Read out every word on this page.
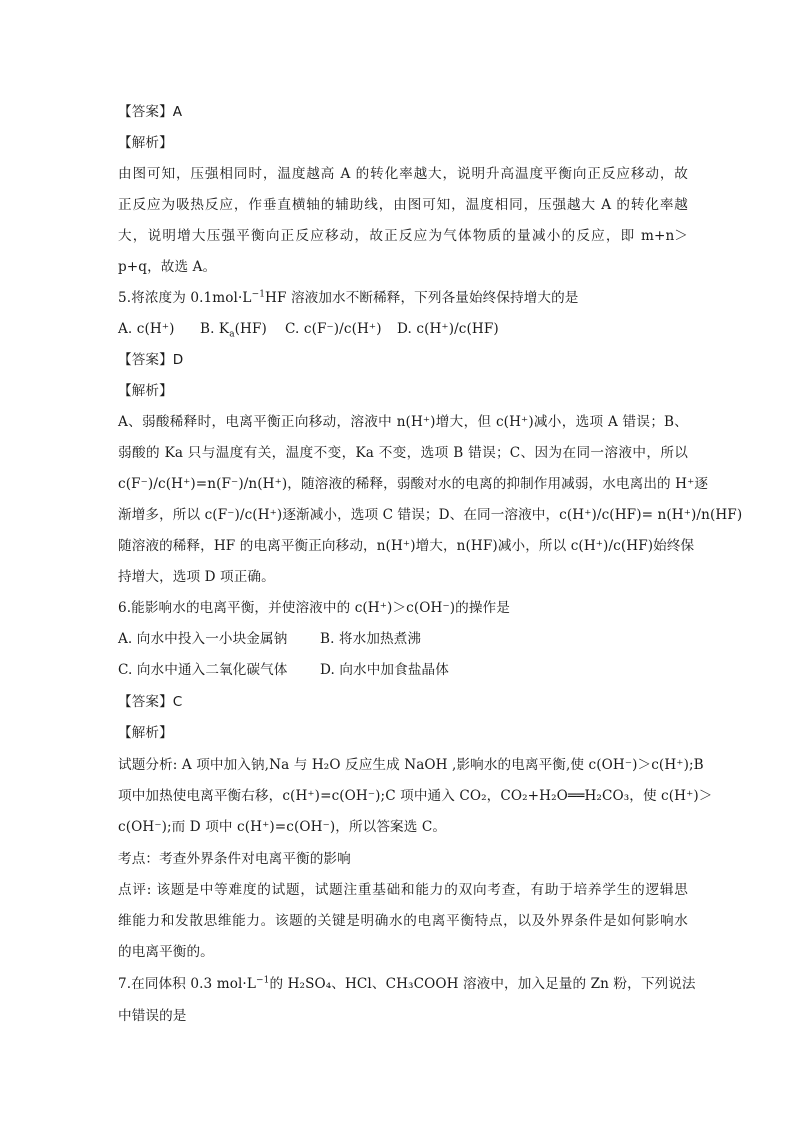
【答案】A
【解析】
由图可知，压强相同时，温度越高 A 的转化率越大，说明升高温度平衡向正反应移动，故
正反应为吸热反应，作垂直横轴的辅助线，由图可知，温度相同，压强越大 A 的转化率越
大，说明增大压强平衡向正反应移动，故正反应为气体物质的量减小的反应，即 m+n＞
p+q，故选 A。
5.将浓度为 $0.1mol\cdot L^{-1}HF$ 溶液加水不断稀释，下列各量始终保持增大的是
A. c(H⁺) B. $K_a(HF)$ C. c(F⁻)/c(H⁺) D. c(H⁺)/c(HF)
【答案】D
【解析】
A、弱酸稀释时，电离平衡正向移动，溶液中 n(H⁺)增大，但 c(H⁺)减小，选项 A 错误；B、
弱酸的 Ka 只与温度有关，温度不变，Ka 不变，选项 B 错误；C、因为在同一溶液中，所以
c(F⁻)/c(H⁺)=n(F⁻)/n(H⁺)，随溶液的稀释，弱酸对水的电离的抑制作用减弱，水电离出的 H⁺逐
渐增多，所以 c(F⁻)/c(H⁺)逐渐减小，选项 C 错误；D、在同一溶液中，c(H⁺)/c(HF)= n(H⁺)/n(HF)
随溶液的稀释，HF 的电离平衡正向移动，n(H⁺)增大，n(HF)减小，所以 c(H⁺)/c(HF)始终保
持增大，选项 D 项正确。
6.能影响水的电离平衡，并使溶液中的 c(H⁺)＞c(OH⁻)的操作是
A. 向水中投入一小块金属钠 B. 将水加热煮沸
C. 向水中通入二氧化碳气体 D. 向水中加食盐晶体
【答案】C
【解析】
试题分析: A 项中加入钠,Na 与 H₂O 反应生成 NaOH ,影响水的电离平衡,使 c(OH⁻)＞c(H⁺);B
项中加热使电离平衡右移，c(H⁺)=c(OH⁻);C 项中通入 CO₂，CO₂+H₂O══H₂CO₃，使 c(H⁺)＞
c(OH⁻);而 D 项中 c(H⁺)=c(OH⁻)，所以答案选 C。
考点：考查外界条件对电离平衡的影响
点评: 该题是中等难度的试题，试题注重基础和能力的双向考查，有助于培养学生的逻辑思
维能力和发散思维能力。该题的关键是明确水的电离平衡特点，以及外界条件是如何影响水
的电离平衡的。
7.在同体积 0.3 $mol\cdot L^{-1}$的 H₂SO₄、HCl、CH₃COOH 溶液中，加入足量的 Zn 粉，下列说法
中错误的是
